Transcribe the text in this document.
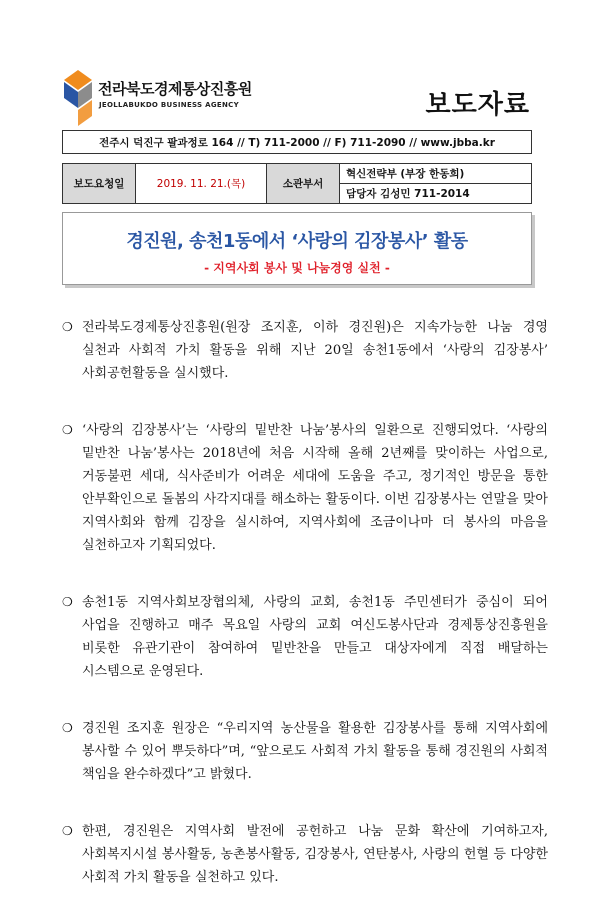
전라북도경제통상진흥원
JEOLLABUKDO BUSINESS AGENCY	보도자료
전주시 덕진구 팔과정로 164 // T) 711-2000 // F) 711-2090 // www.jbba.kr
보도요청일	2019. 11. 21.(목)	소관부서	혁신전략부 (부장 한동희)
담당자 김성민 711-2014
경진원, 송천1동에서 ‘사랑의 김장봉사’ 활동
- 지역사회 봉사 및 나눔경영 실천 -

❍ 전라북도경제통상진흥원(원장 조지훈, 이하 경진원)은 지속가능한 나눔 경영 실천과 사회적 가치 활동을 위해 지난 20일 송천1동에서 ‘사랑의 김장봉사’ 사회공헌활동을 실시했다.

❍ ‘사랑의 김장봉사’는 ‘사랑의 밑반찬 나눔’봉사의 일환으로 진행되었다. ‘사랑의 밑반찬 나눔’봉사는 2018년에 처음 시작해 올해 2년째를 맞이하는 사업으로, 거동불편 세대, 식사준비가 어려운 세대에 도움을 주고, 정기적인 방문을 통한 안부확인으로 돌봄의 사각지대를 해소하는 활동이다. 이번 김장봉사는 연말을 맞아 지역사회와 함께 김장을 실시하여, 지역사회에 조금이나마 더 봉사의 마음을 실천하고자 기획되었다.

❍ 송천1동 지역사회보장협의체, 사랑의 교회, 송천1동 주민센터가 중심이 되어 사업을 진행하고 매주 목요일 사랑의 교회 여신도봉사단과 경제통상진흥원을 비롯한 유관기관이 참여하여 밑반찬을 만들고 대상자에게 직접 배달하는 시스템으로 운영된다.

❍ 경진원 조지훈 원장은 “우리지역 농산물을 활용한 김장봉사를 통해 지역사회에 봉사할 수 있어 뿌듯하다”며, “앞으로도 사회적 가치 활동을 통해 경진원의 사회적 책임을 완수하겠다”고 밝혔다.

❍ 한편, 경진원은 지역사회 발전에 공헌하고 나눔 문화 확산에 기여하고자, 사회복지시설 봉사활동, 농촌봉사활동, 김장봉사, 연탄봉사, 사랑의 헌혈 등 다양한 사회적 가치 활동을 실천하고 있다.
